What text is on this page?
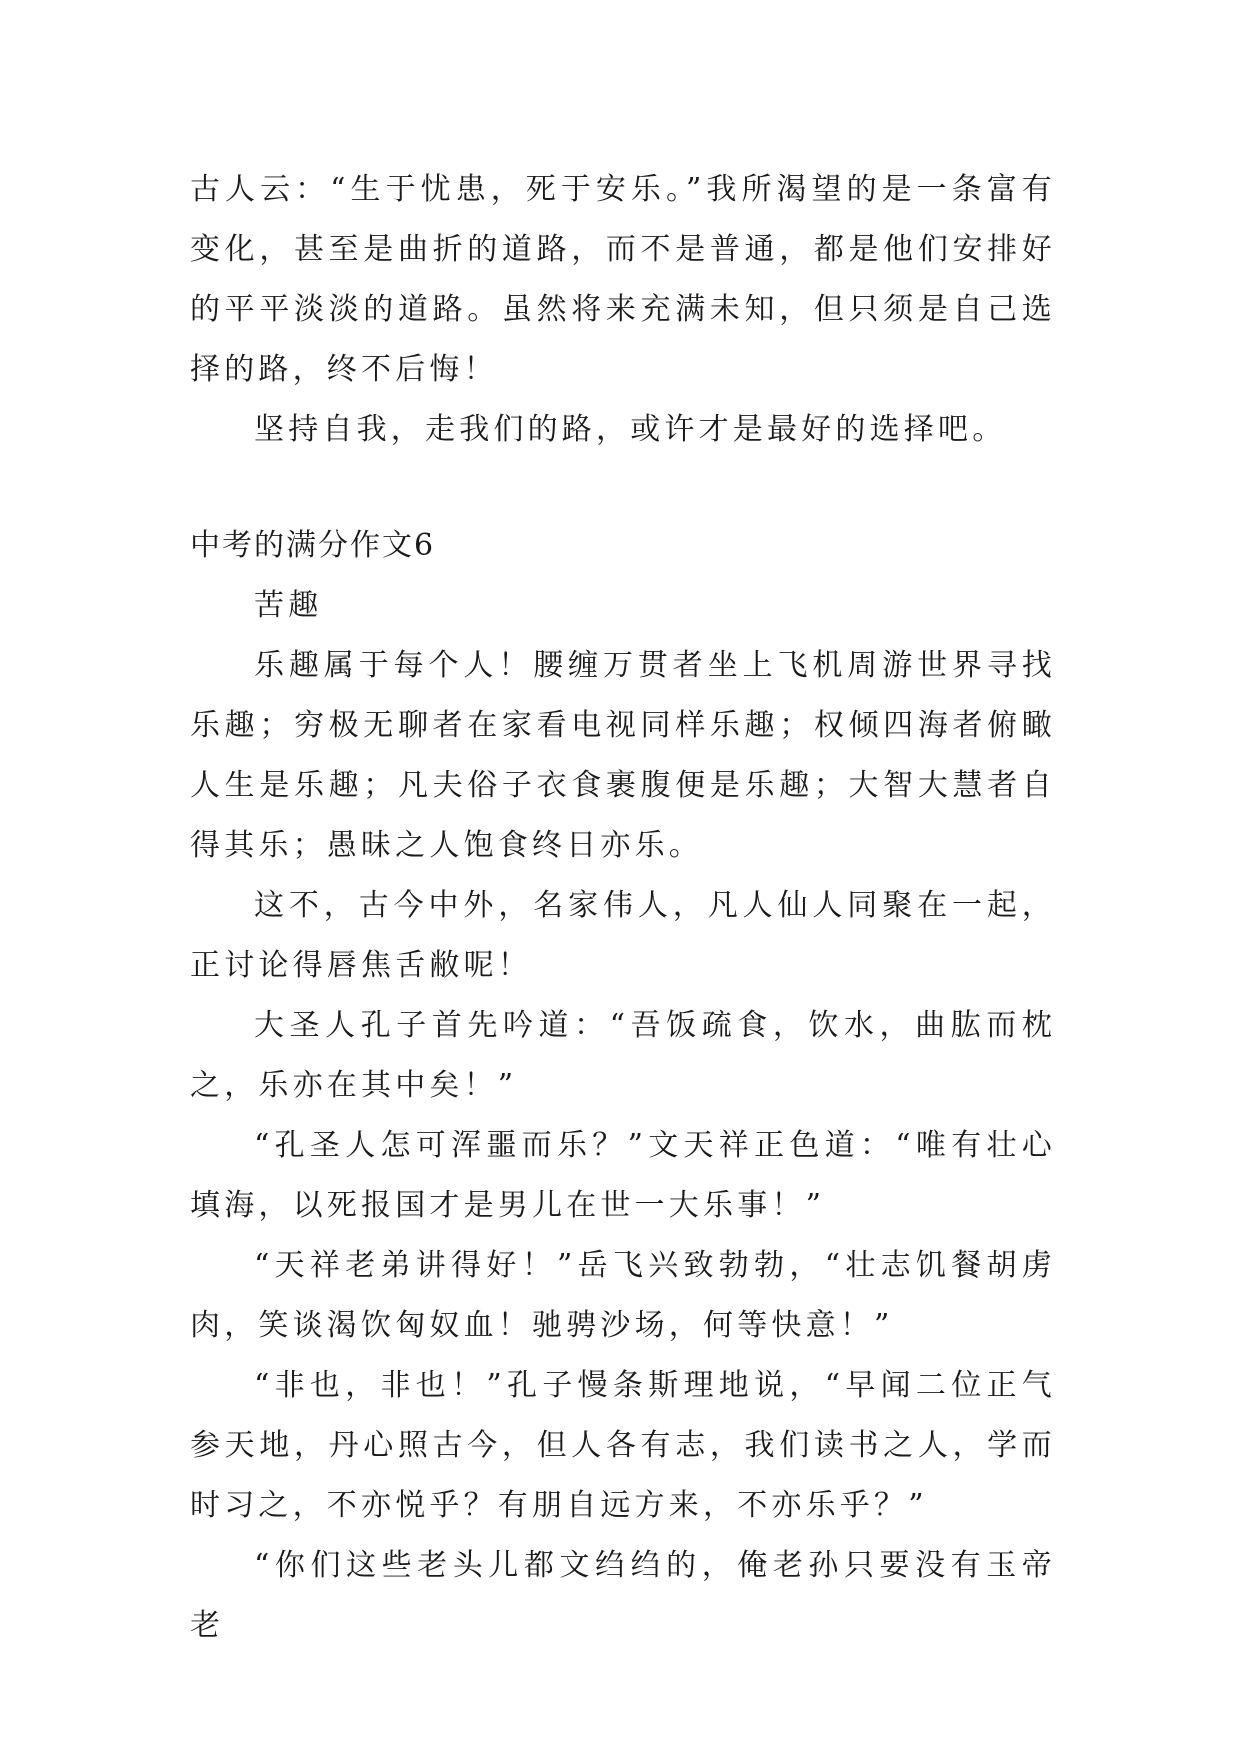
古人云：“生于忧患，死于安乐。”我所渴望的是一条富有变化，甚至是曲折的道路，而不是普通，都是他们安排好的平平淡淡的道路。虽然将来充满未知，但只须是自己选择的路，终不后悔！

坚持自我，走我们的路，或许才是最好的选择吧。

中考的满分作文6

苦趣

乐趣属于每个人！腰缠万贯者坐上飞机周游世界寻找乐趣；穷极无聊者在家看电视同样乐趣；权倾四海者俯瞰人生是乐趣；凡夫俗子衣食裹腹便是乐趣；大智大慧者自得其乐；愚昧之人饱食终日亦乐。

这不，古今中外，名家伟人，凡人仙人同聚在一起，正讨论得唇焦舌敝呢！

大圣人孔子首先吟道：“吾饭疏食，饮水，曲肱而枕之，乐亦在其中矣！”

“孔圣人怎可浑噩而乐？”文天祥正色道：“唯有壮心填海，以死报国才是男儿在世一大乐事！”

“天祥老弟讲得好！”岳飞兴致勃勃，“壮志饥餐胡虏肉，笑谈渴饮匈奴血！驰骋沙场，何等快意！”

“非也，非也！”孔子慢条斯理地说，“早闻二位正气参天地，丹心照古今，但人各有志，我们读书之人，学而时习之，不亦悦乎？有朋自远方来，不亦乐乎？”

“你们这些老头儿都文绉绉的，俺老孙只要没有玉帝老
